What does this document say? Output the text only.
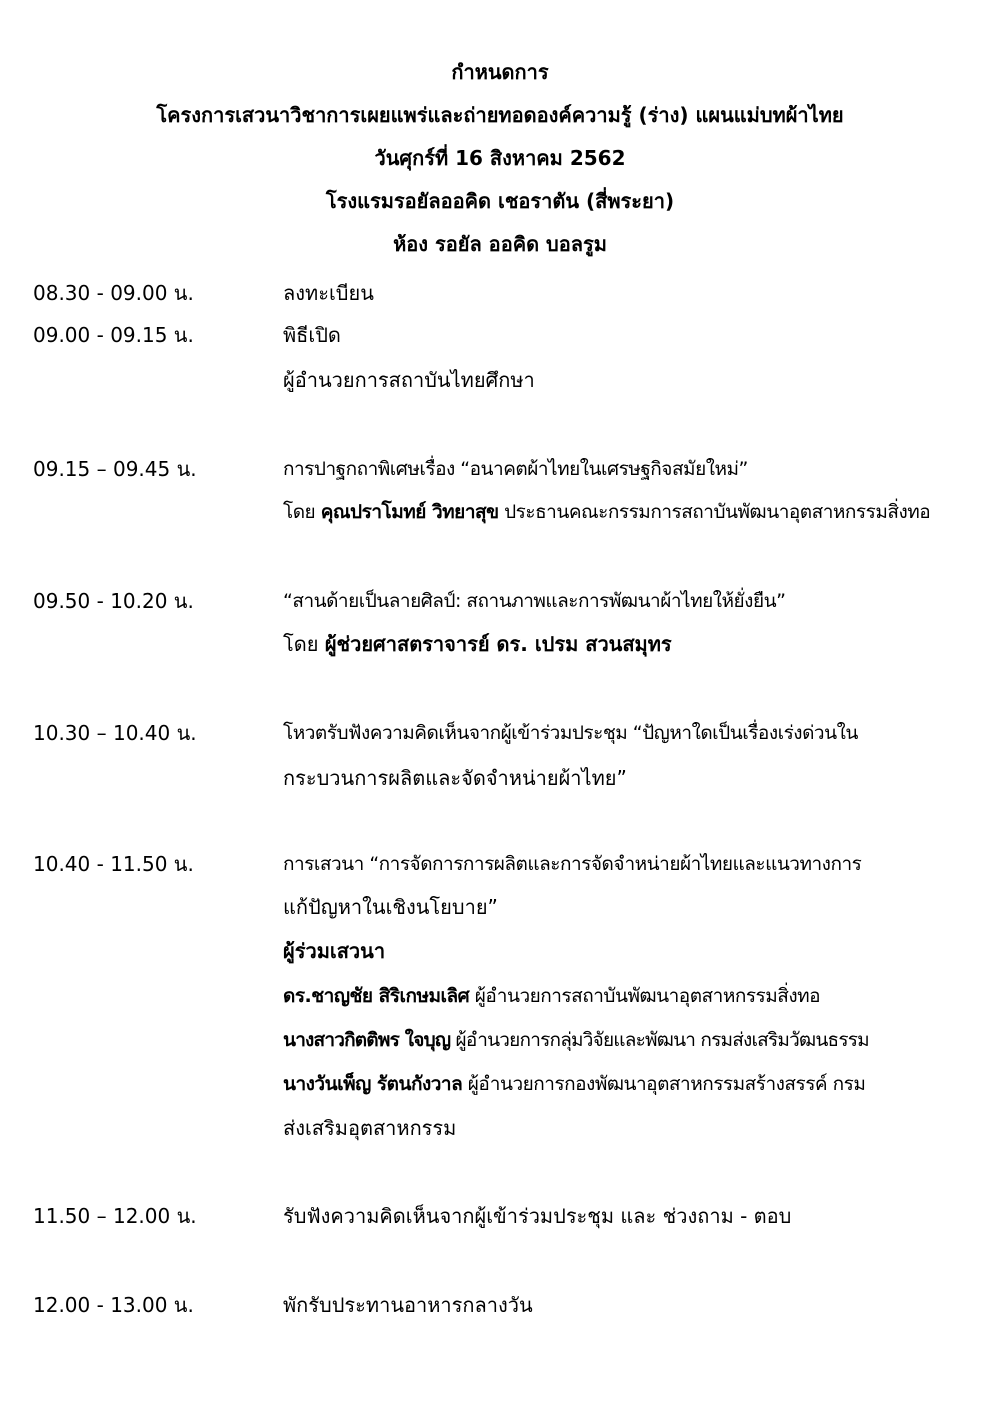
กำหนดการ
โครงการเสวนาวิชาการเผยแพร่และถ่ายทอดองค์ความรู้ (ร่าง) แผนแม่บทผ้าไทย
วันศุกร์ที่ 16 สิงหาคม 2562
โรงแรมรอยัลออคิด เชอราตัน (สี่พระยา)
ห้อง รอยัล ออคิด บอลรูม
08.30 - 09.00 น.	ลงทะเบียน
09.00 - 09.15 น.	พิธีเปิด
ผู้อำนวยการสถาบันไทยศึกษา
09.15 – 09.45 น.	การปาฐกถาพิเศษเรื่อง “อนาคตผ้าไทยในเศรษฐกิจสมัยใหม่”
โดย คุณปราโมทย์ วิทยาสุข ประธานคณะกรรมการสถาบันพัฒนาอุตสาหกรรมสิ่งทอ
09.50 - 10.20 น.	“สานด้ายเป็นลายศิลป์: สถานภาพและการพัฒนาผ้าไทยให้ยั่งยืน”
โดย ผู้ช่วยศาสตราจารย์ ดร. เปรม สวนสมุทร
10.30 – 10.40 น.	โหวตรับฟังความคิดเห็นจากผู้เข้าร่วมประชุม “ปัญหาใดเป็นเรื่องเร่งด่วนใน
กระบวนการผลิตและจัดจำหน่ายผ้าไทย”
10.40 - 11.50 น.	การเสวนา “การจัดการการผลิตและการจัดจำหน่ายผ้าไทยและแนวทางการ
แก้ปัญหาในเชิงนโยบาย”
ผู้ร่วมเสวนา
ดร.ชาญชัย สิริเกษมเลิศ ผู้อำนวยการสถาบันพัฒนาอุตสาหกรรมสิ่งทอ
นางสาวกิตติพร ใจบุญ ผู้อำนวยการกลุ่มวิจัยและพัฒนา กรมส่งเสริมวัฒนธรรม
นางวันเพ็ญ รัตนกังวาล ผู้อำนวยการกองพัฒนาอุตสาหกรรมสร้างสรรค์ กรม
ส่งเสริมอุตสาหกรรม
11.50 – 12.00 น.	รับฟังความคิดเห็นจากผู้เข้าร่วมประชุม และ ช่วงถาม - ตอบ
12.00 - 13.00 น.	พักรับประทานอาหารกลางวัน
